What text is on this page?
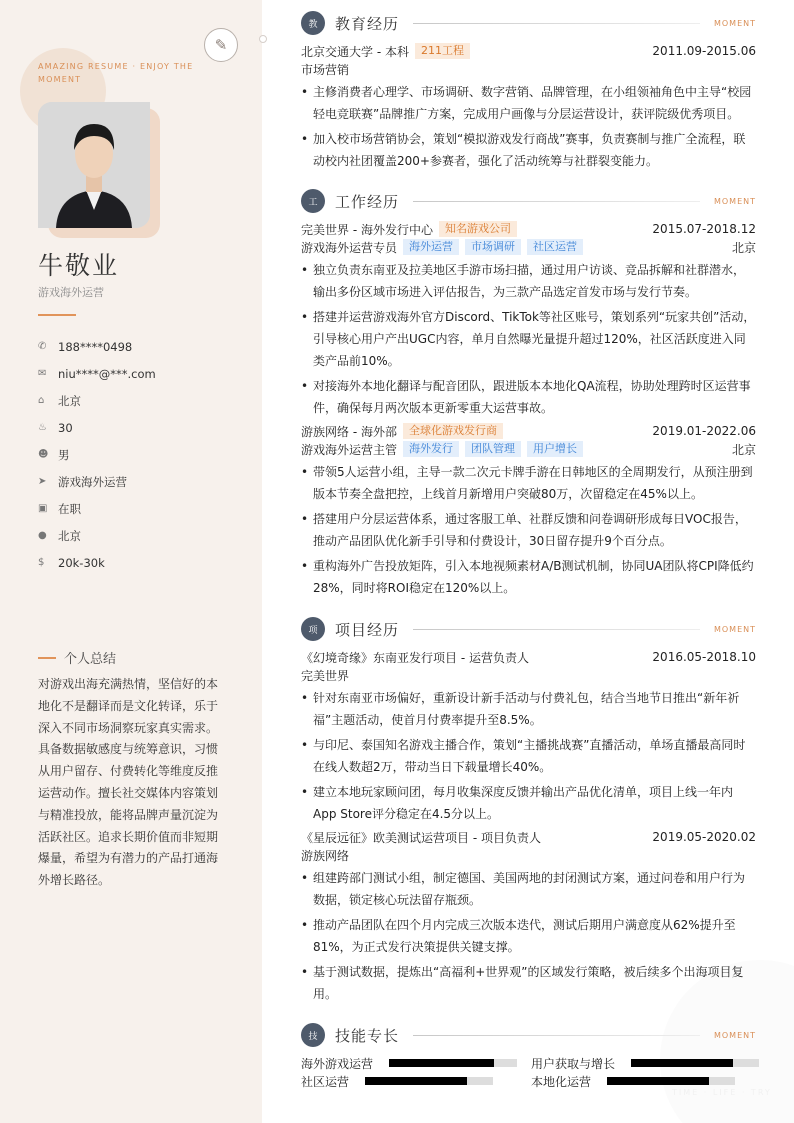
AMAZING RESUME · ENJOY THE MOMENT
✎
牛敬业
游戏海外运营
✆	188****0498
✉	niu****@***.com
⌂	北京
♨ 30
☻ 男
➤	游戏海外运营
▣ 在职
● 北京
$	20k-30k
个人总结
对游戏出海充满热情，坚信好的本地化不是翻译而是文化转译，乐于深入不同市场洞察玩家真实需求。具备数据敏感度与统筹意识，习惯从用户留存、付费转化等维度反推运营动作。擅长社交媒体内容策划与精准投放，能将品牌声量沉淀为活跃社区。追求长期价值而非短期爆量，希望为有潜力的产品打通海外增长路径。
TIME · LIFE · TRY
教	教育经历	MOMENT
北京交通大学 - 本科	211工程	2011.09-2015.06
市场营销
• 主修消费者心理学、市场调研、数字营销、品牌管理，在小组领袖角色中主导“校园轻电竞联赛”品牌推广方案，完成用户画像与分层运营设计，获评院级优秀项目。
• 加入校市场营销协会，策划“模拟游戏发行商战”赛事，负责赛制与推广全流程，联动校内社团覆盖200+参赛者，强化了活动统筹与社群裂变能力。
工	工作经历	MOMENT
完美世界 - 海外发行中心	知名游戏公司	2015.07-2018.12
游戏海外运营专员	海外运营	市场调研	社区运营	北京
• 独立负责东南亚及拉美地区手游市场扫描，通过用户访谈、竞品拆解和社群潜水，输出多份区域市场进入评估报告，为三款产品选定首发市场与发行节奏。
• 搭建并运营游戏海外官方Discord、TikTok等社区账号，策划系列“玩家共创”活动，引导核心用户产出UGC内容，单月自然曝光量提升超过120%，社区活跃度进入同类产品前10%。
• 对接海外本地化翻译与配音团队，跟进版本本地化QA流程，协助处理跨时区运营事件，确保每月两次版本更新零重大运营事故。
游族网络 - 海外部	全球化游戏发行商	2019.01-2022.06
游戏海外运营主管	海外发行	团队管理	用户增长	北京
• 带领5人运营小组，主导一款二次元卡牌手游在日韩地区的全周期发行，从预注册到版本节奏全盘把控，上线首月新增用户突破80万，次留稳定在45%以上。
• 搭建用户分层运营体系，通过客服工单、社群反馈和问卷调研形成每日VOC报告，推动产品团队优化新手引导和付费设计，30日留存提升9个百分点。
• 重构海外广告投放矩阵，引入本地视频素材A/B测试机制，协同UA团队将CPI降低约28%，同时将ROI稳定在120%以上。
项	项目经历	MOMENT
《幻境奇缘》东南亚发行项目 - 运营负责人	2016.05-2018.10
完美世界
• 针对东南亚市场偏好，重新设计新手活动与付费礼包，结合当地节日推出“新年祈福”主题活动，使首月付费率提升至8.5%。
• 与印尼、泰国知名游戏主播合作，策划“主播挑战赛”直播活动，单场直播最高同时在线人数超2万，带动当日下载量增长40%。
• 建立本地玩家顾问团，每月收集深度反馈并输出产品优化清单，项目上线一年内App Store评分稳定在4.5分以上。
《星辰远征》欧美测试运营项目 - 项目负责人	2019.05-2020.02
游族网络
• 组建跨部门测试小组，制定德国、美国两地的封闭测试方案，通过问卷和用户行为数据，锁定核心玩法留存瓶颈。
• 推动产品团队在四个月内完成三次版本迭代，测试后期用户满意度从62%提升至81%，为正式发行决策提供关键支撑。
• 基于测试数据，提炼出“高福利+世界观”的区域发行策略，被后续多个出海项目复用。
技	技能专长	MOMENT
海外游戏运营	用户获取与增长
社区运营	本地化运营
